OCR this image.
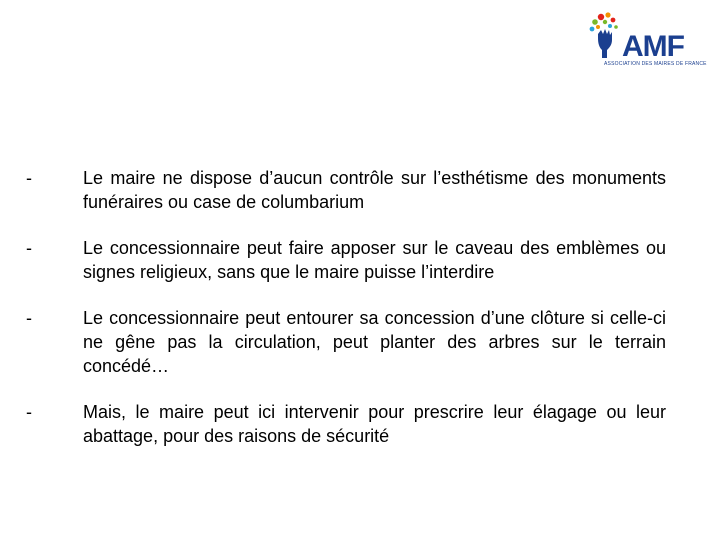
AMF
ASSOCIATION DES MAIRES DE FRANCE
-	Le maire ne dispose d’aucun contrôle sur l’esthétisme des monuments funéraires ou case de columbarium
-	Le concessionnaire peut faire apposer sur le caveau des emblèmes ou signes religieux, sans que le maire puisse l’interdire
-	Le concessionnaire peut entourer sa concession d’une clôture si celle-ci ne gêne pas la circulation, peut planter des arbres sur le terrain concédé…
-	Mais, le maire peut ici intervenir pour prescrire leur élagage ou leur abattage, pour des raisons de sécurité
